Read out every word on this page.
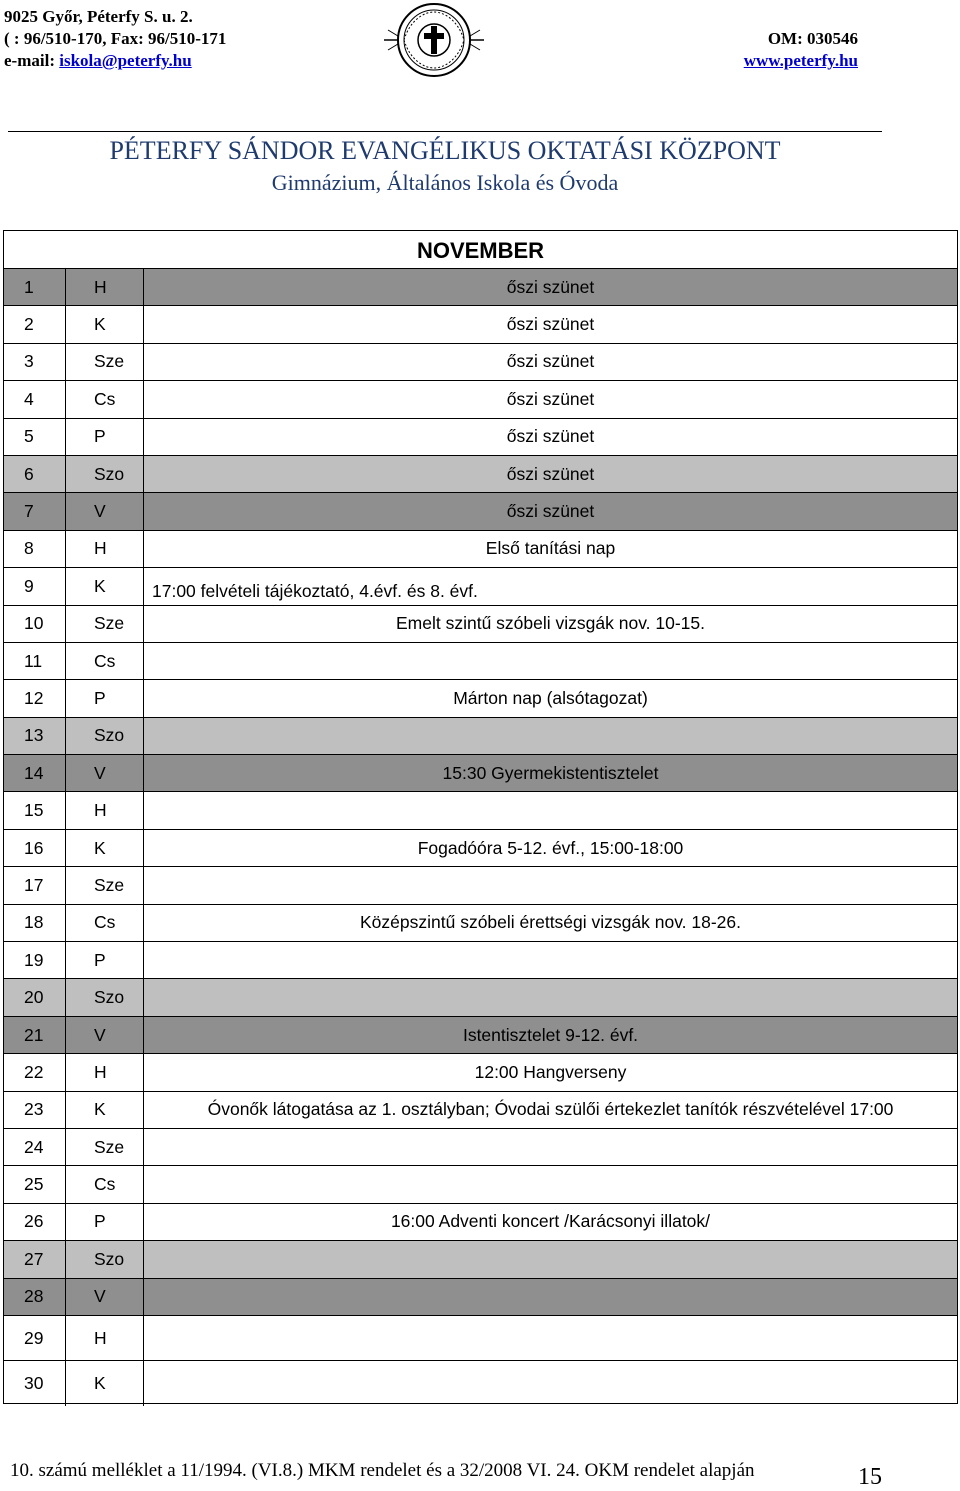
9025 Győr, Péterfy S. u. 2.
( : 96/510-170, Fax: 96/510-171
e-mail: iskola@peterfy.hu
OM: 030546
www.peterfy.hu
PÉTERFY SÁNDOR EVANGÉLIKUS OKTATÁSI KÖZPONT
Gimnázium, Általános Iskola és Óvoda
NOVEMBER
1	H	őszi szünet
2	K	őszi szünet
3	Sze	őszi szünet
4	Cs	őszi szünet
5	P	őszi szünet
6	Szo	őszi szünet
7	V	őszi szünet
8	H	Első tanítási nap
9	K	17:00 felvételi tájékoztató, 4.évf. és 8. évf.
10	Sze	Emelt szintű szóbeli vizsgák nov. 10-15.
11	Cs
12	P	Márton nap (alsótagozat)
13	Szo
14	V	15:30 Gyermekistentisztelet
15	H
16	K	Fogadóóra 5-12. évf., 15:00-18:00
17	Sze
18	Cs	Középszintű szóbeli érettségi vizsgák nov. 18-26.
19	P
20	Szo
21	V	Istentisztelet 9-12. évf.
22	H	12:00 Hangverseny
23	K	Óvonők látogatása az 1. osztályban; Óvodai szülői értekezlet tanítók részvételével 17:00
24	Sze
25	Cs
26	P	16:00 Adventi koncert /Karácsonyi illatok/
27	Szo
28	V
29	H
30	K
10. számú melléklet a 11/1994. (VI.8.) MKM rendelet és a 32/2008 VI. 24. OKM rendelet alapján	15
